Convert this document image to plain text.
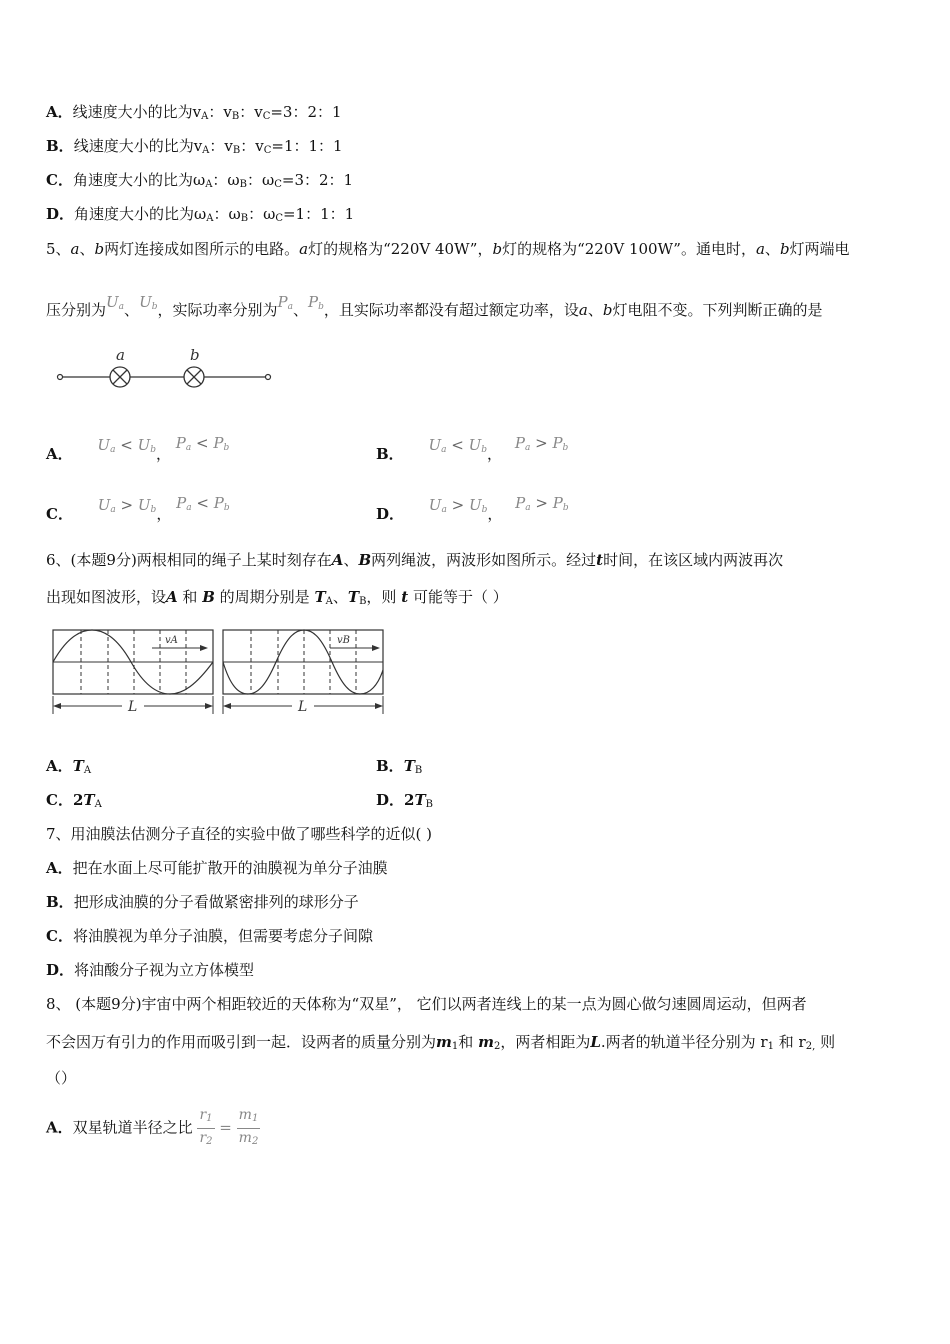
A．线速度大小的比为$v_A$：$v_B$：$v_C=3$：2：1
B．线速度大小的比为$v_A$：$v_B$：$v_C=1$：1：1
C．角速度大小的比为$\omega_A$：$\omega_B$：$\omega_C=3$：2：1
D．角速度大小的比为$\omega_A$：$\omega_B$：$\omega_C=1$：1：1
5、a、b两灯连接成如图所示的电路。a灯的规格为“220V 40W”，b灯的规格为“220V 100W”。通电时，a、b灯两端电
压分别为$U_a$、$U_b$，实际功率分别为$P_a$、$P_b$，且实际功率都没有超过额定功率，设a、b灯电阻不变。下列判断正确的是
a	b
A． $U_a < U_b$， $P_a < P_b$	B． $U_a < U_b$， $P_a > P_b$
C． $U_a > U_b$， $P_a < P_b$	D． $U_a > U_b$， $P_a > P_b$
6、(本题9分)两根相同的绳子上某时刻存在A、B两列绳波，两波形如图所示。经过t时间，在该区域内两波再次
出现如图波形，设A 和 B 的周期分别是 $T_A$、$T_B$，则 t 可能等于（ ）
vA	vB
L	L
A．$T_A$	B．$T_B$
C．$2T_A$	D．$2T_B$
7、用油膜法估测分子直径的实验中做了哪些科学的近似( )
A．把在水面上尽可能扩散开的油膜视为单分子油膜
B．把形成油膜的分子看做紧密排列的球形分子
C．将油膜视为单分子油膜，但需要考虑分子间隙
D．将油酸分子视为立方体模型
8、 (本题9分)宇宙中两个相距较近的天体称为“双星”， 它们以两者连线上的某一点为圆心做匀速圆周运动，但两者
不会因万有引力的作用而吸引到一起．设两者的质量分别为$m_1$和 $m_2$，两者相距为L.两者的轨道半径分别为 $r_1$ 和 $r_{2,}$ 则
（）
A．双星轨道半径之比 $\frac{r_1}{r_2} = \frac{m_1}{m_2}$
